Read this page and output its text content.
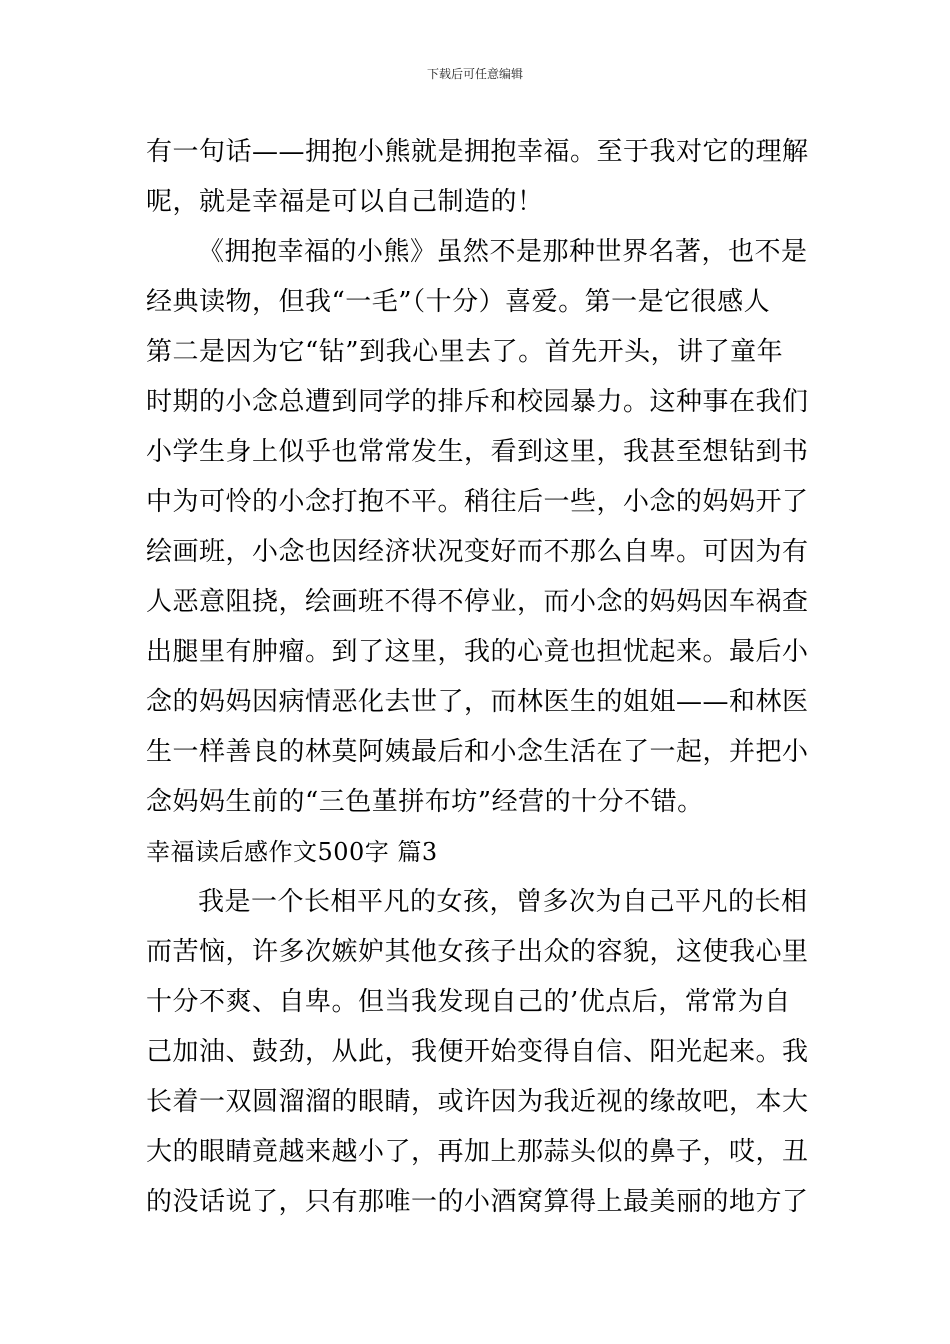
下载后可任意编辑
有一句话——拥抱小熊就是拥抱幸福。至于我对它的理解
呢，就是幸福是可以自己制造的！
《拥抱幸福的小熊》虽然不是那种世界名著，也不是
经典读物，但我“一毛”（十分）喜爱。第一是它很感人
第二是因为它“钻”到我心里去了。首先开头，讲了童年
时期的小念总遭到同学的排斥和校园暴力。这种事在我们
小学生身上似乎也常常发生，看到这里，我甚至想钻到书
中为可怜的小念打抱不平。稍往后一些，小念的妈妈开了
绘画班，小念也因经济状况变好而不那么自卑。可因为有
人恶意阻挠，绘画班不得不停业，而小念的妈妈因车祸查
出腿里有肿瘤。到了这里，我的心竟也担忧起来。最后小
念的妈妈因病情恶化去世了，而林医生的姐姐——和林医
生一样善良的林莫阿姨最后和小念生活在了一起，并把小
念妈妈生前的“三色堇拼布坊”经营的十分不错。
幸福读后感作文500字 篇3
我是一个长相平凡的女孩，曾多次为自己平凡的长相
而苦恼，许多次嫉妒其他女孩子出众的容貌，这使我心里
十分不爽、自卑。但当我发现自己的’优点后，常常为自
己加油、鼓劲，从此，我便开始变得自信、阳光起来。我
长着一双圆溜溜的眼睛，或许因为我近视的缘故吧，本大
大的眼睛竟越来越小了，再加上那蒜头似的鼻子，哎，丑
的没话说了，只有那唯一的小酒窝算得上最美丽的地方了
